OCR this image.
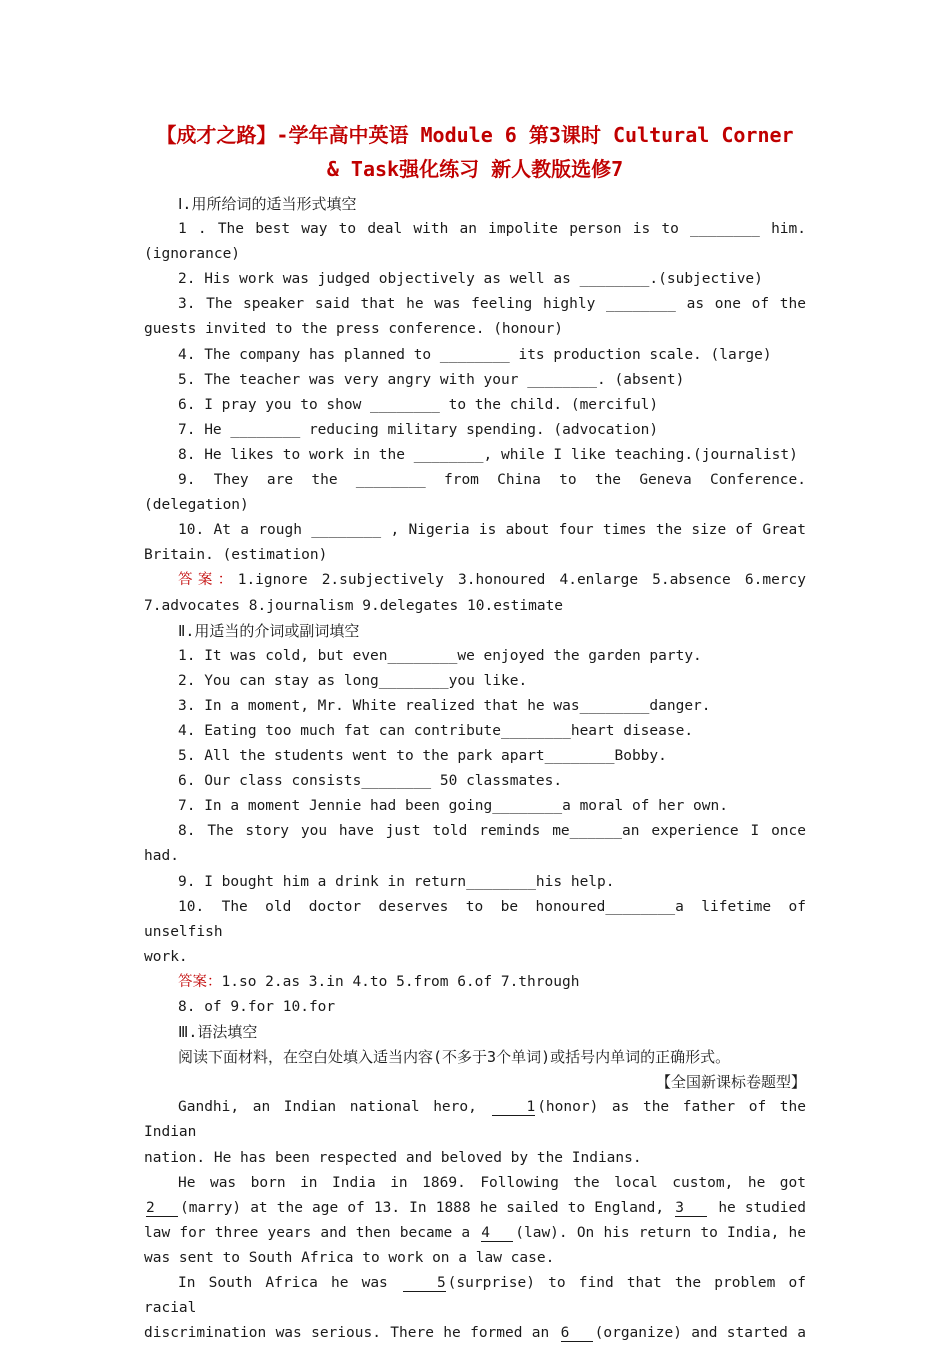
【成才之路】-学年高中英语 Module 6 第3课时 Cultural Corner
& Task强化练习 新人教版选修7

Ⅰ.用所给词的适当形式填空

1 . The best way to deal with an impolite person is to ________ him.

(ignorance)

2. His work was judged objectively as well as ________.(subjective)

3. The speaker said that he was feeling highly ________ as one of the

guests invited to the press conference. (honour)

4. The company has planned to ________ its production scale. (large)

5. The teacher was very angry with your ________. (absent)

6. I pray you to show ________ to the child. (merciful)

7. He ________ reducing military spending. (advocation)

8. He likes to work in the ________, while I like teaching.(journalist)

9. They are the ________ from China to the Geneva Conference. (delegation)

10. At a rough ________ , Nigeria is about four times the size of Great

Britain. (estimation)

答案：1.ignore 2.subjectively 3.honoured 4.enlarge 5.absence 6.mercy

7.advocates 8.journalism 9.delegates 10.estimate

Ⅱ.用适当的介词或副词填空

1. It was cold, but even________we enjoyed the garden party.

2. You can stay as long________you like.

3. In a moment, Mr. White realized that he was________danger.

4. Eating too much fat can contribute________heart disease.

5. All the students went to the park apart________Bobby.

6. Our class consists________ 50 classmates.

7. In a moment Jennie had been going________a moral of her own.

8. The story you have just told reminds me______an experience I once had.

9. I bought him a drink in return________his help.

10. The old doctor deserves to be honoured________a lifetime of unselfish

work.

答案：1.so 2.as 3.in 4.to 5.from 6.of 7.through

8. of 9.for 10.for

Ⅲ.语法填空

阅读下面材料，在空白处填入适当内容(不多于3个单词)或括号内单词的正确形式。

【全国新课标卷题型】

Gandhi, an Indian national hero, 1 (honor) as the father of the Indian

nation. He has been respected and beloved by the Indians.

He was born in India in 1869. Following the local custom, he got

2 (marry) at the age of 13. In 1888 he sailed to England, 3 he studied

law for three years and then became a 4 (law). On his return to India, he

was sent to South Africa to work on a law case.

In South Africa he was 5 (surprise) to find that the problem of racial

discrimination was serious. There he formed an 6 (organize) and started a
